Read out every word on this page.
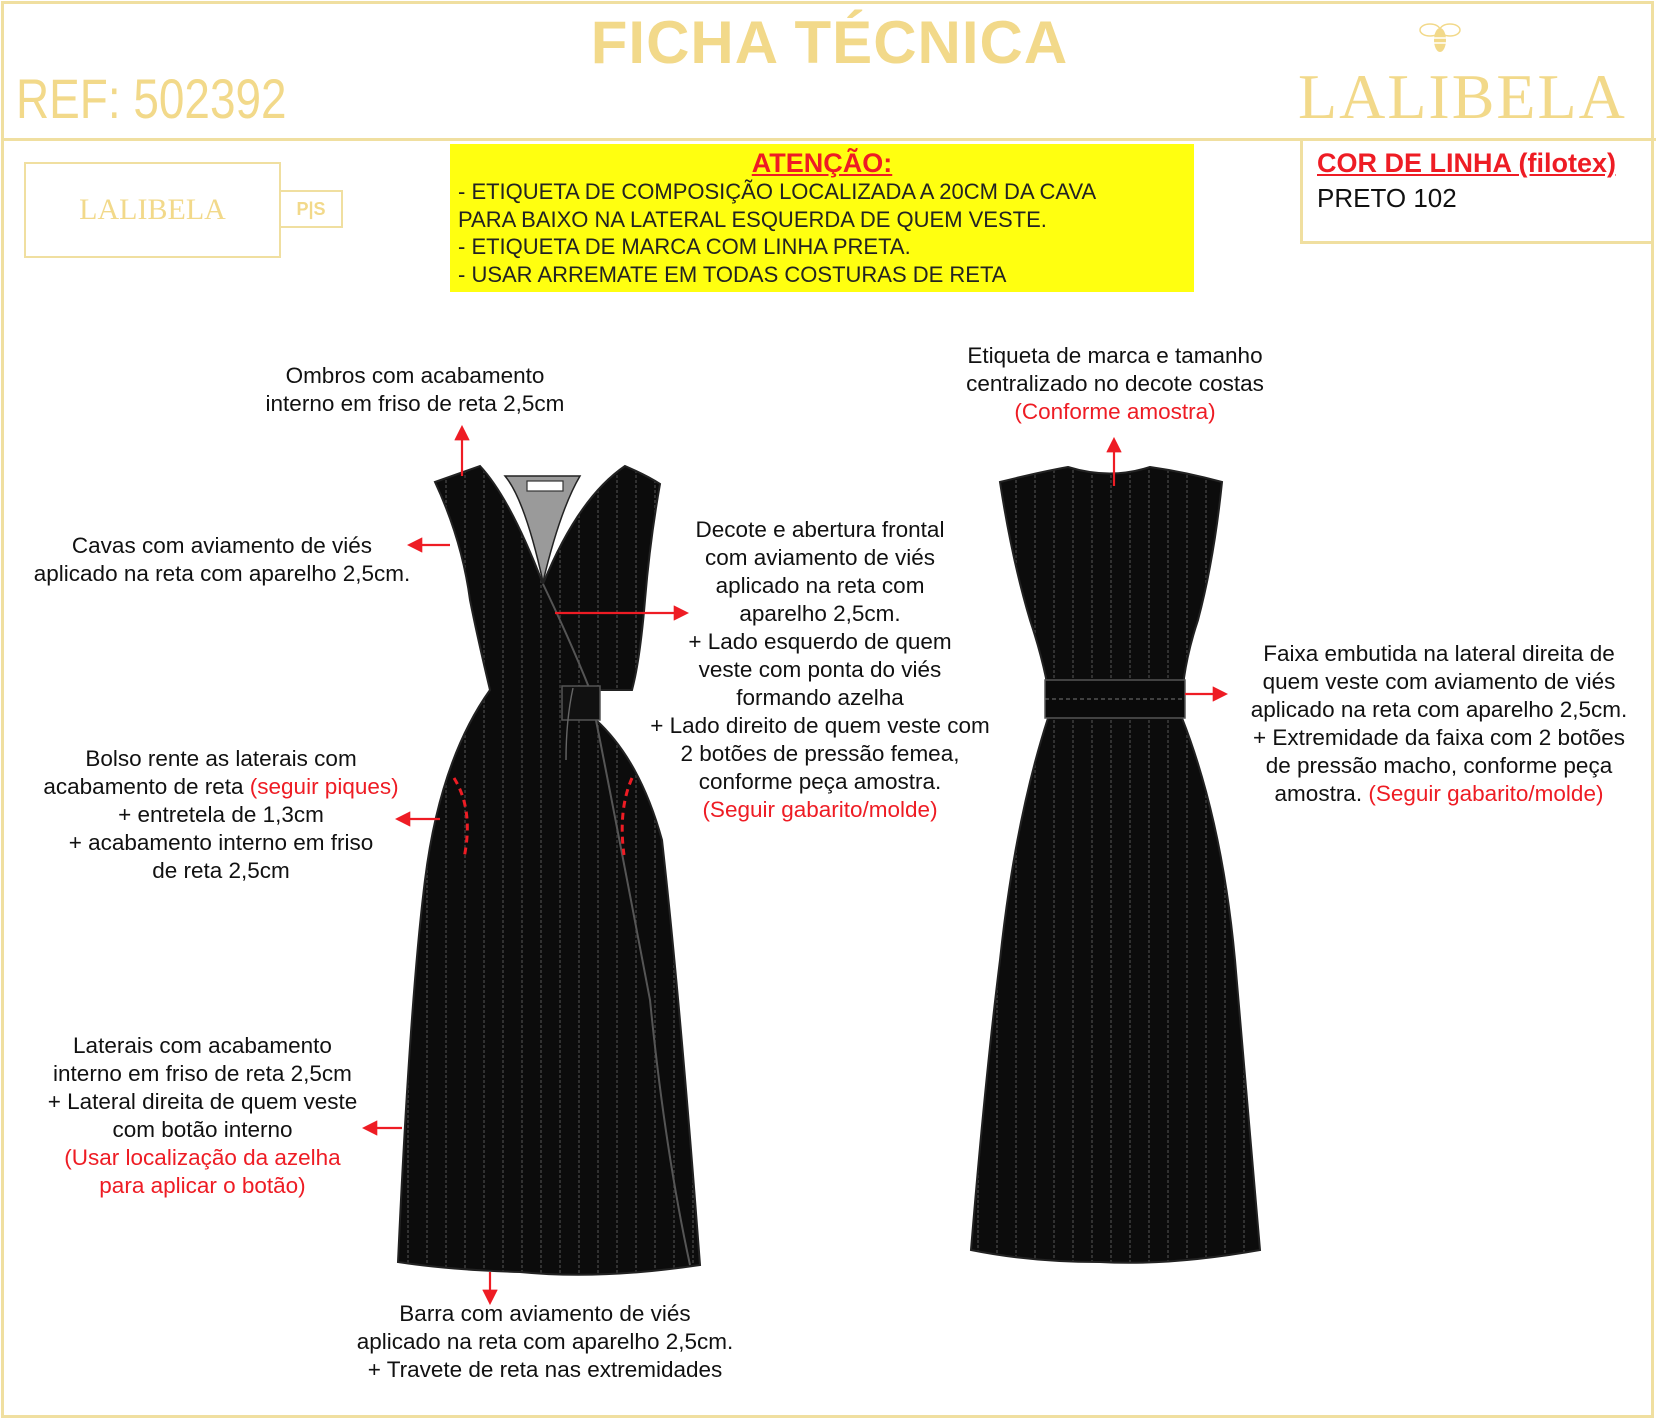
FICHA TÉCNICA
REF: 502392	LALIBELA
LALIBELA	P|S
ATENÇÃO:
- ETIQUETA DE COMPOSIÇÃO LOCALIZADA A 20CM DA CAVA
PARA BAIXO NA LATERAL ESQUERDA DE QUEM VESTE.
- ETIQUETA DE MARCA COM LINHA PRETA.
- USAR ARREMATE EM TODAS COSTURAS DE RETA
COR DE LINHA (filotex)
PRETO 102
Ombros com acabamento
interno em friso de reta 2,5cm
Cavas com aviamento de viés
aplicado na reta com aparelho 2,5cm.
Bolso rente as laterais com
acabamento de reta (seguir piques)
+ entretela de 1,3cm
+ acabamento interno em friso
de reta 2,5cm
Laterais com acabamento
interno em friso de reta 2,5cm
+ Lateral direita de quem veste
com botão interno
(Usar localização da azelha
para aplicar o botão)
Decote e abertura frontal
com aviamento de viés
aplicado na reta com
aparelho 2,5cm.
+ Lado esquerdo de quem
veste com ponta do viés
formando azelha
+ Lado direito de quem veste com
2 botões de pressão femea,
conforme peça amostra.
(Seguir gabarito/molde)
Barra com aviamento de viés
aplicado na reta com aparelho 2,5cm.
+ Travete de reta nas extremidades
Etiqueta de marca e tamanho
centralizado no decote costas
(Conforme amostra)
Faixa embutida na lateral direita de
quem veste com aviamento de viés
aplicado na reta com aparelho 2,5cm.
+ Extremidade da faixa com 2 botões
de pressão macho, conforme peça
amostra. (Seguir gabarito/molde)
